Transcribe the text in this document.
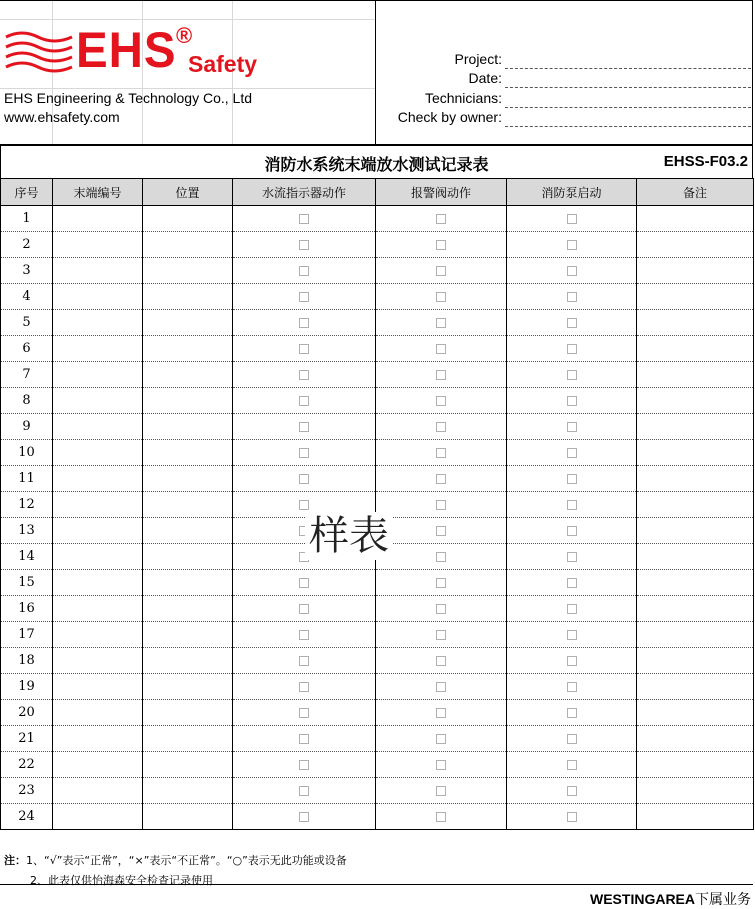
EHS ®
Safety
EHS Engineering & Technology Co., Ltd
www.ehsafety.com
Project:
Date:
Technicians:
Check by owner:
消防水系统末端放水测试记录表	EHSS-F03.2
序号	末端编号	位置	水流指示器动作	报警阀动作	消防泵启动	备注
1						
2						
3						
4						
5						
6						
7						
8						
9						
10						
11						
12						
13						
14						
15						
16						
17						
18						
19						
20						
21						
22						
23						
24						
样表
注：1、“√”表示“正常”，“×”表示“不正常”。“○”表示无此功能或设备
2、此表仅供怡海森安全检查记录使用
WESTINGAREA下属业务
